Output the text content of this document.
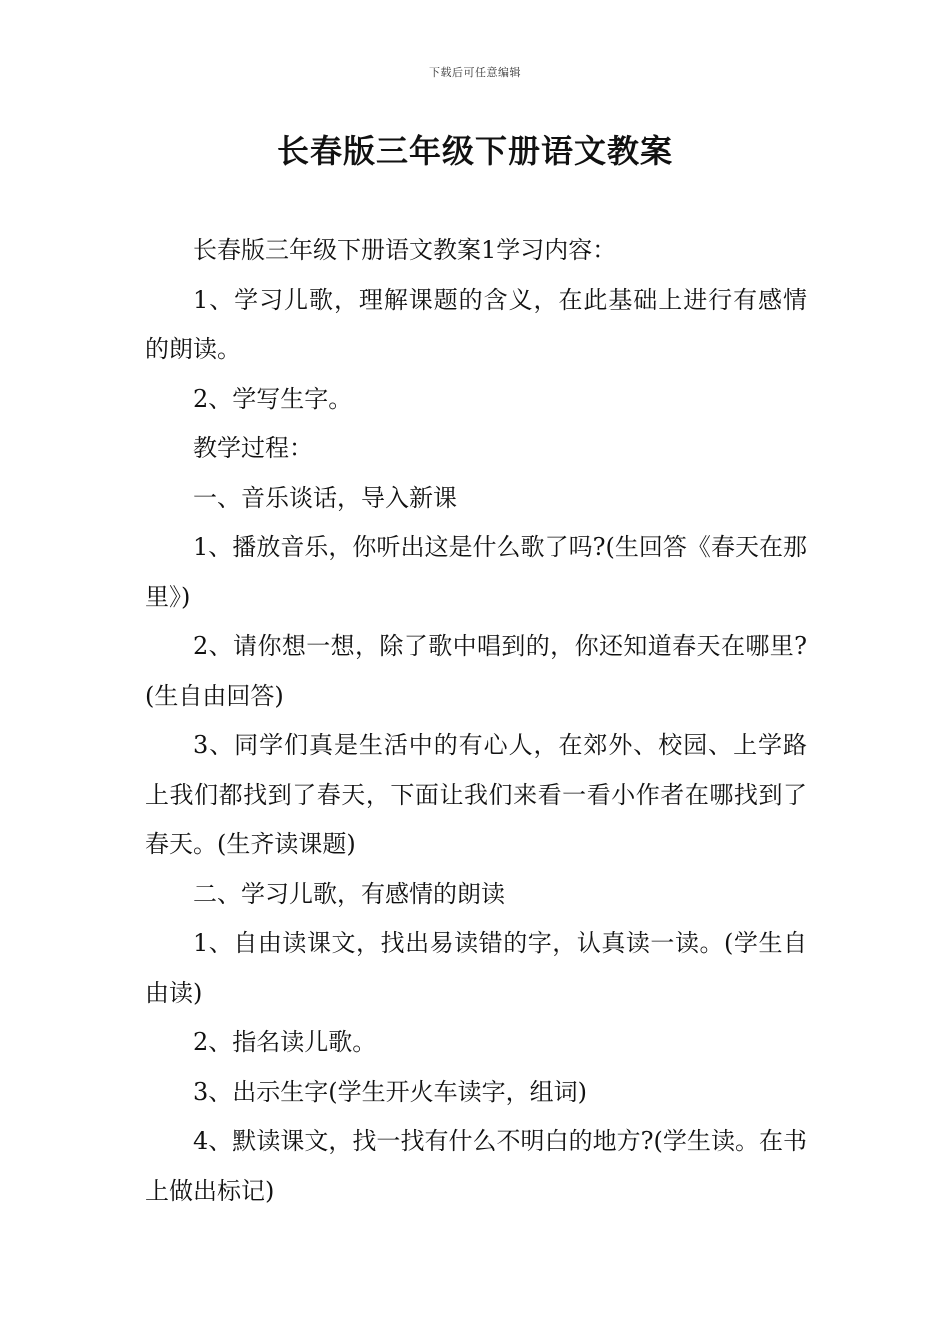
下载后可任意编辑
长春版三年级下册语文教案

长春版三年级下册语文教案1学习内容：

1、学习儿歌，理解课题的含义，在此基础上进行有感情的朗读。

2、学写生字。

教学过程：

一、音乐谈话，导入新课

1、播放音乐，你听出这是什么歌了吗?(生回答《春天在那里》)

2、请你想一想，除了歌中唱到的，你还知道春天在哪里?(生自由回答)

3、同学们真是生活中的有心人，在郊外、校园、上学路上我们都找到了春天，下面让我们来看一看小作者在哪找到了春天。(生齐读课题)

二、学习儿歌，有感情的朗读

1、自由读课文，找出易读错的字，认真读一读。(学生自由读)

2、指名读儿歌。

3、出示生字(学生开火车读字，组词)

4、默读课文，找一找有什么不明白的地方?(学生读。在书上做出标记)
